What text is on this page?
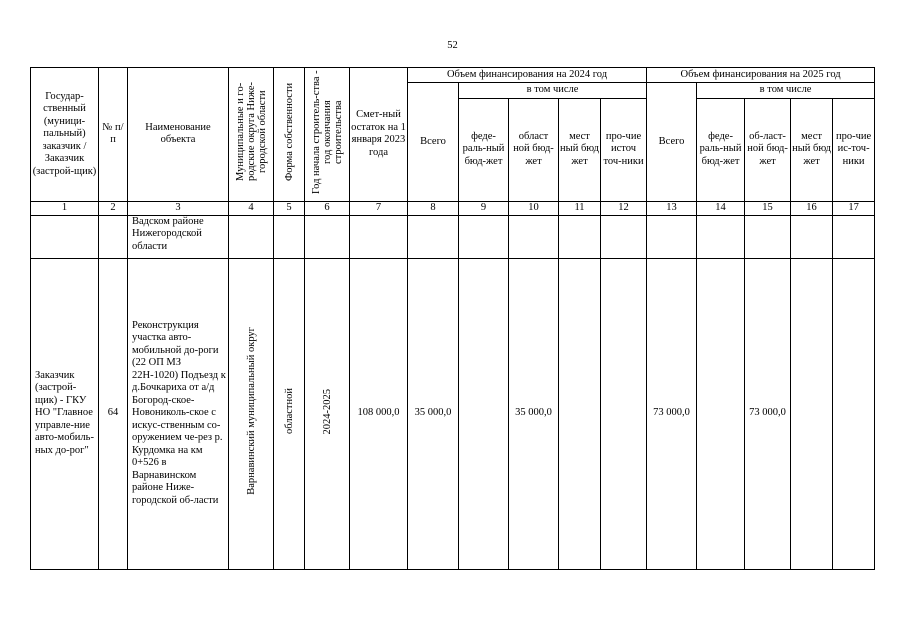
52
Государ-ственный (муници-пальный) заказчик / Заказчик (застрой-щик)	№ п/п	Наименование объекта	Муниципальные и го-родские округа Ниже-городской области	Форма собственности	Год начала строитель-ства - год окончания строительства	Смет-ный остаток на 1 января 2023 года	Объем финансирования на 2024 год					Объем финансирования на 2025 год				
							Всего	в том числе				Всего	в том числе			
								феде-раль-ный бюд-жет	област ной бюд-жет	мест ный бюд жет	про-чие источ точ-ники		феде-раль-ный бюд-жет	об-ласт-ной бюд-жет	мест ный бюд жет	про-чие ис-точ-ники
1	2	3	4	5	6	7	8	9	10	11	12	13	14	15	16	17
		Вадском районе Нижегородской области														
Заказчик (застрой-щик) - ГКУ НО "Главное управле-ние авто-мобиль-ных до-рог"	64	Реконструкция участка авто-мобильной до-роги (22 ОП МЗ 22Н-1020) Подъезд к д.Бочкариха от а/д Богород-ское-Новониколь-ское с искус-ственным со-оружением че-рез р. Курдомка на км 0+526 в Варнавинском районе Ниже-городской об-ласти	Варнавинский муниципальный округ	областной	2024-2025	108 000,0	35 000,0		35 000,0			73 000,0		73 000,0		
